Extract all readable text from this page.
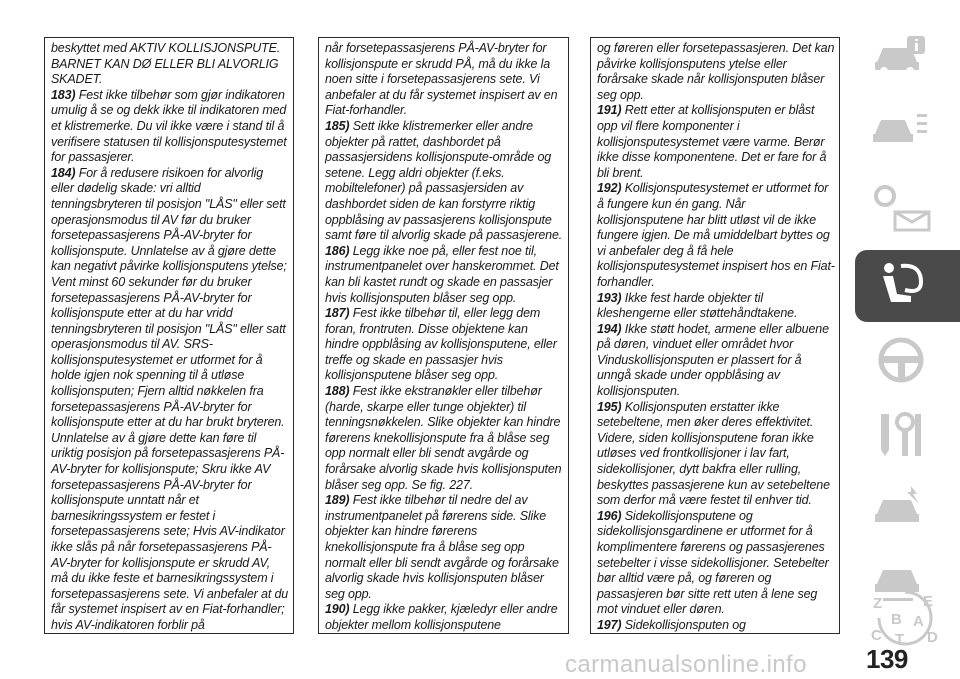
beskyttet med AKTIV KOLLISJONSPUTE. BARNET KAN DØ ELLER BLI ALVORLIG SKADET.

183) Fest ikke tilbehør som gjør indikatoren umulig å se og dekk ikke til indikatoren med et klistremerke. Du vil ikke være i stand til å verifisere statusen til kollisjonsputesystemet for passasjerer.

184) For å redusere risikoen for alvorlig eller dødelig skade: vri alltid tenningsbryteren til posisjon "LÅS" eller sett operasjonsmodus til AV før du bruker forsetepassasjerens PÅ-AV-bryter for kollisjonspute. Unnlatelse av å gjøre dette kan negativt påvirke kollisjonsputens ytelse; Vent minst 60 sekunder før du bruker forsetepassasjerens PÅ-AV-bryter for kollisjonspute etter at du har vridd tenningsbryteren til posisjon "LÅS" eller satt operasjonsmodus til AV. SRS-kollisjonsputesystemet er utformet for å holde igjen nok spenning til å utløse kollisjonsputen; Fjern alltid nøkkelen fra forsetepassasjerens PÅ-AV-bryter for kollisjonspute etter at du har brukt bryteren. Unnlatelse av å gjøre dette kan føre til uriktig posisjon på forsetepassasjerens PÅ-AV-bryter for kollisjonspute; Skru ikke AV forsetepassasjerens PÅ-AV-bryter for kollisjonspute unntatt når et barnesikringssystem er festet i forsetepassasjerens sete; Hvis AV-indikator ikke slås på når forsetepassasjerens PÅ-AV-bryter for kollisjonspute er skrudd AV, må du ikke feste et barnesikringssystem i forsetepassasjerens sete. Vi anbefaler at du får systemet inspisert av en Fiat-forhandler; hvis AV-indikatoren forblir på

når forsetepassasjerens PÅ-AV-bryter for kollisjonspute er skrudd PÅ, må du ikke la noen sitte i forsetepassasjerens sete. Vi anbefaler at du får systemet inspisert av en Fiat-forhandler.

185) Sett ikke klistremerker eller andre objekter på rattet, dashbordet på passasjersidens kollisjonspute-område og setene. Legg aldri objekter (f.eks. mobiltelefoner) på passasjersiden av dashbordet siden de kan forstyrre riktig oppblåsing av passasjerens kollisjonspute samt føre til alvorlig skade på passasjerene.

186) Legg ikke noe på, eller fest noe til, instrumentpanelet over hanskerommet. Det kan bli kastet rundt og skade en passasjer hvis kollisjonsputen blåser seg opp.

187) Fest ikke tilbehør til, eller legg dem foran, frontruten. Disse objektene kan hindre oppblåsing av kollisjonsputene, eller treffe og skade en passasjer hvis kollisjonsputene blåser seg opp.

188) Fest ikke ekstranøkler eller tilbehør (harde, skarpe eller tunge objekter) til tenningsnøkkelen. Slike objekter kan hindre førerens knekollisjonspute fra å blåse seg opp normalt eller bli sendt avgårde og forårsake alvorlig skade hvis kollisjonsputen blåser seg opp. Se fig. 227.

189) Fest ikke tilbehør til nedre del av instrumentpanelet på førerens side. Slike objekter kan hindre førerens knekollisjonspute fra å blåse seg opp normalt eller bli sendt avgårde og forårsake alvorlig skade hvis kollisjonsputen blåser seg opp.

190) Legg ikke pakker, kjæledyr eller andre objekter mellom kollisjonsputene

og føreren eller forsetepassasjeren. Det kan påvirke kollisjonsputens ytelse eller forårsake skade når kollisjonsputen blåser seg opp.

191) Rett etter at kollisjonsputen er blåst opp vil flere komponenter i kollisjonsputesystemet være varme. Berør ikke disse komponentene. Det er fare for å bli brent.

192) Kollisjonsputesystemet er utformet for å fungere kun én gang. Når kollisjonsputene har blitt utløst vil de ikke fungere igjen. De må umiddelbart byttes og vi anbefaler deg å få hele kollisjonsputesystemet inspisert hos en Fiat-forhandler.

193) Ikke fest harde objekter til kleshengerne eller støttehåndtakene.

194) Ikke støtt hodet, armene eller albuene på døren, vinduet eller området hvor Vinduskollisjonsputen er plassert for å unngå skade under oppblåsing av kollisjonsputen.

195) Kollisjonsputen erstatter ikke setebeltene, men øker deres effektivitet. Videre, siden kollisjonsputene foran ikke utløses ved frontkollisjoner i lav fart, sidekollisjoner, dytt bakfra eller rulling, beskyttes passasjerene kun av setebeltene som derfor må være festet til enhver tid.

196) Sidekollisjonsputene og sidekollisjonsgardinene er utformet for å komplimentere førerens og passasjerenes setebelter i visse sidekollisjoner. Setebelter bør alltid være på, og føreren og passasjeren bør sitte rett uten å lene seg mot vinduet eller døren.

197) Sidekollisjonsputen og

Z	E
B A
C T D
carmanualsonline.info 139
